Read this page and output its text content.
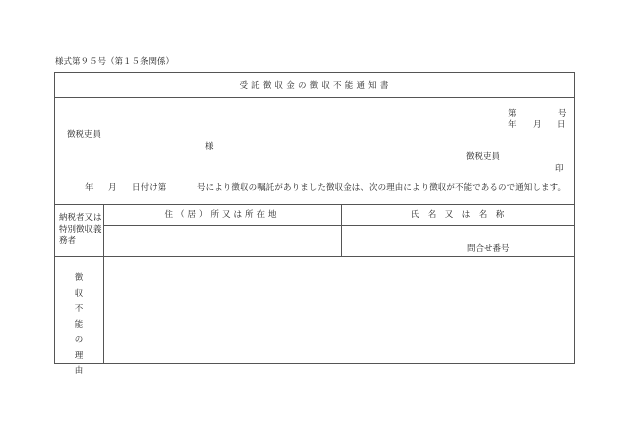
様式第９５号（第１５条関係）
受託徴収金の徴収不能通知書
第	号
年 月 日
徴税吏員
様
徴税吏員
印
年 月 日付け第	号により徴収の嘱託がありました徴収金は、次の理由により徴収が不能であるので通知します。
納税者又は
特別徴収義
務者
住（居）所又は所在地	氏　名　又　は　名　称
問合せ番号
徴
収
不
能
の
理
由
